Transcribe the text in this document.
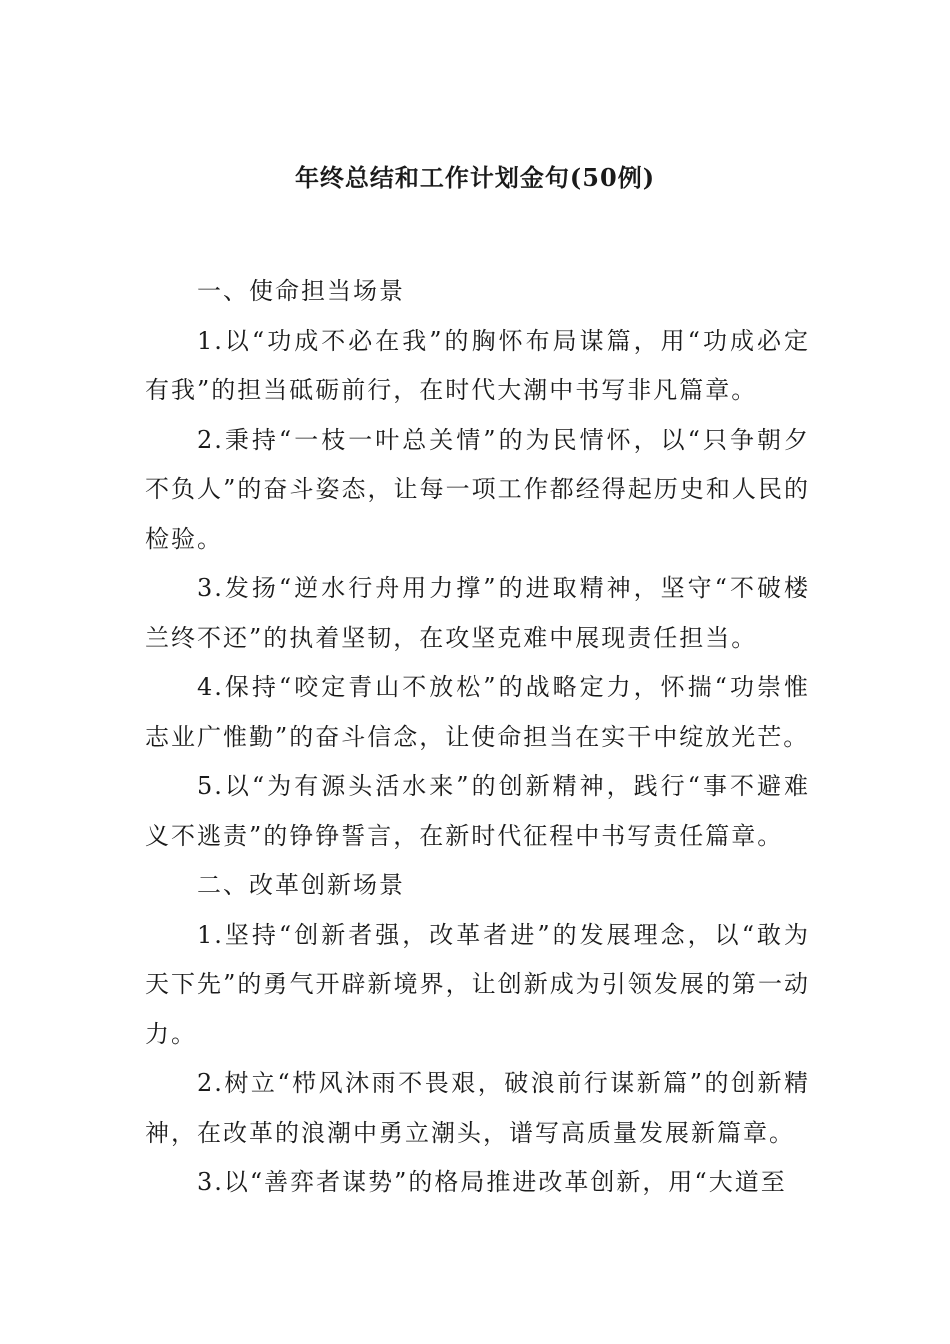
年终总结和工作计划金句(50例)

一、使命担当场景

1.以“功成不必在我”的胸怀布局谋篇，用“功成必定有我”的担当砥砺前行，在时代大潮中书写非凡篇章。

2.秉持“一枝一叶总关情”的为民情怀，以“只争朝夕不负人”的奋斗姿态，让每一项工作都经得起历史和人民的检验。

3.发扬“逆水行舟用力撑”的进取精神，坚守“不破楼兰终不还”的执着坚韧，在攻坚克难中展现责任担当。

4.保持“咬定青山不放松”的战略定力，怀揣“功崇惟志业广惟勤”的奋斗信念，让使命担当在实干中绽放光芒。

5.以“为有源头活水来”的创新精神，践行“事不避难义不逃责”的铮铮誓言，在新时代征程中书写责任篇章。

二、改革创新场景

1.坚持“创新者强，改革者进”的发展理念，以“敢为天下先”的勇气开辟新境界，让创新成为引领发展的第一动力。

2.树立“栉风沐雨不畏艰，破浪前行谋新篇”的创新精神，在改革的浪潮中勇立潮头，谱写高质量发展新篇章。

3.以“善弈者谋势”的格局推进改革创新，用“大道至
